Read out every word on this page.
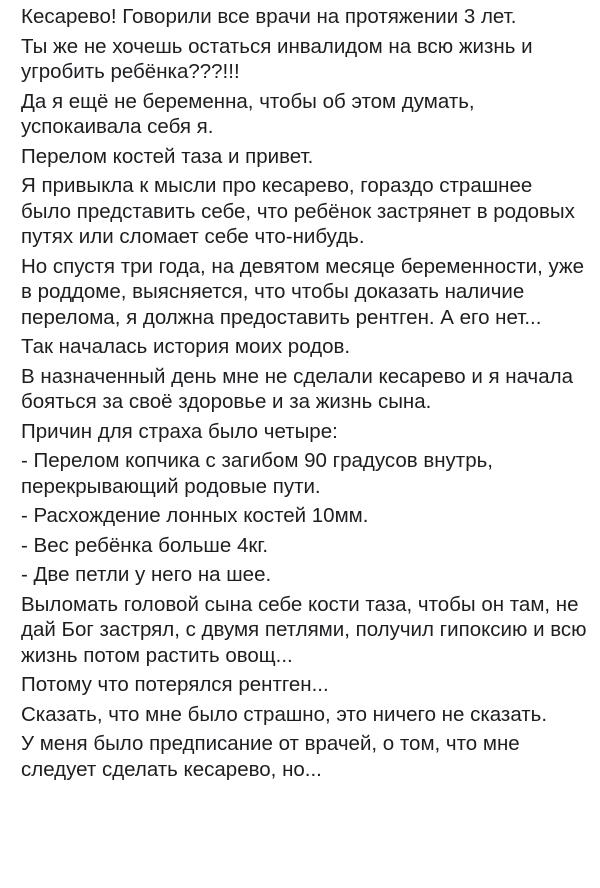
Кесарево! Говорили все врачи на протяжении 3 лет.

Ты же не хочешь остаться инвалидом на всю жизнь и угробить ребёнка???!!!

Да я ещё не беременна, чтобы об этом думать, успокаивала себя я.

Перелом костей таза и привет.

Я привыкла к мысли про кесарево, гораздо страшнее было представить себе, что ребёнок застрянет в родовых путях или сломает себе что-нибудь.

Но спустя три года, на девятом месяце беременности, уже в роддоме, выясняется, что чтобы доказать наличие перелома, я должна предоставить рентген. А его нет...

Так началась история моих родов.

В назначенный день мне не сделали кесарево и я начала бояться за своё здоровье и за жизнь сына.

Причин для страха было четыре:

- Перелом копчика с загибом 90 градусов внутрь, перекрывающий родовые пути.

- Расхождение лонных костей 10мм.

- Вес ребёнка больше 4кг.

- Две петли у него на шее.

Выломать головой сына себе кости таза, чтобы он там, не дай Бог застрял, с двумя петлями, получил гипоксию и всю жизнь потом растить овощ...

Потому что потерялся рентген...

Сказать, что мне было страшно, это ничего не сказать.

У меня было предписание от врачей, о том, что мне следует сделать кесарево, но...
